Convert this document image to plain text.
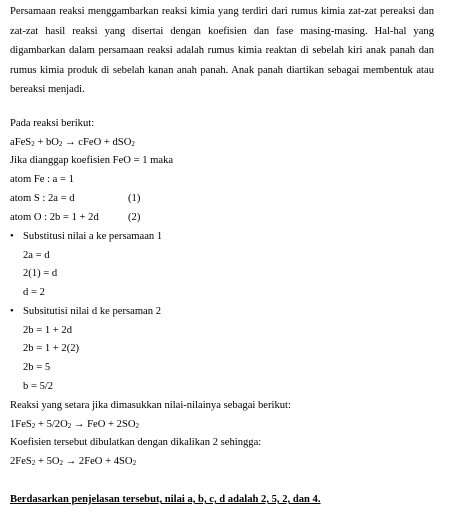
Persamaan reaksi menggambarkan reaksi kimia yang terdiri dari rumus kimia zat-zat pereaksi dan zat-zat hasil reaksi yang disertai dengan koefisien dan fase masing-masing. Hal-hal yang digambarkan dalam persamaan reaksi adalah rumus kimia reaktan di sebelah kiri anak panah dan rumus kimia produk di sebelah kanan anah panah. Anak panah diartikan sebagai membentuk atau bereaksi menjadi.
Pada reaksi berikut:
aFeS$_2$ + $bO_2$ → cFeO + dSO$_2$
Jika dianggap koefisien FeO = 1 maka
atom Fe : a = 1
atom S : 2a = d	(1)
atom O : 2b = 1 + 2d	(2)
• Substitusi nilai a ke persamaan 1
2a = d
2(1) = d
d = 2
• Subsitutisi nilai d ke persaman 2
2b = 1 + 2d
2b = 1 + 2(2)
2b = 5
b = 5/2
Reaksi yang setara jika dimasukkan nilai-nilainya sebagai berikut:
$1FeS_2 + 5/2O_2$ → FeO + $2SO_2$
Koefisien tersebut dibulatkan dengan dikalikan 2 sehingga:
$2FeS_2 + 5O_2 \to 2FeO + 4SO_2$
Berdasarkan penjelasan tersebut, nilai a, b, c, d adalah 2, 5, 2, dan 4.
